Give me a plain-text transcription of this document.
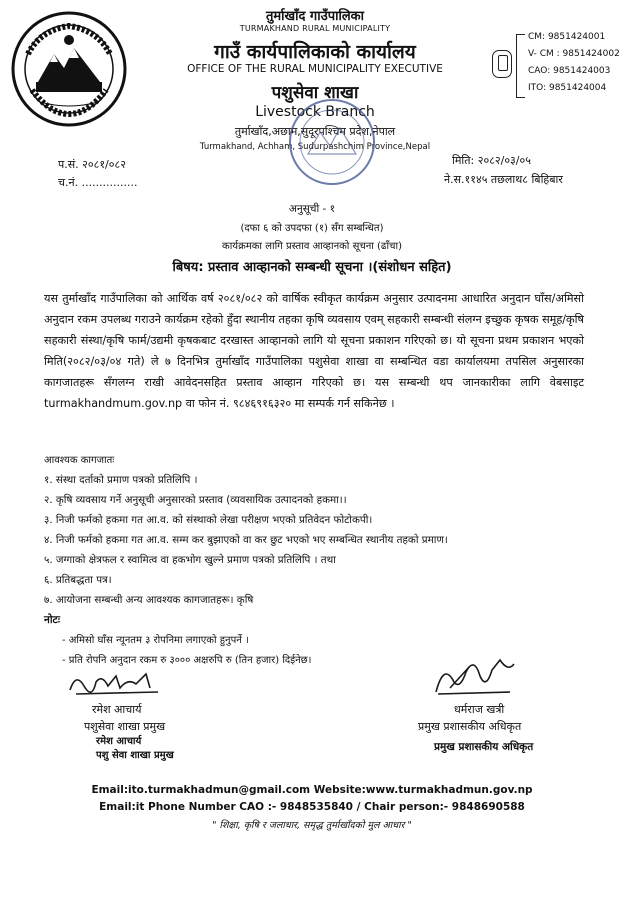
तुर्माखाँद गाउँपालिका
TURMAKHAND RURAL MUNICIPALITY
गाउँ कार्यपालिकाको कार्यालय
OFFICE OF THE RURAL MUNICIPALITY EXECUTIVE
पशुसेवा शाखा
Livestock Branch
तुर्माखाँद,अछाम,सुदूरपश्चिम प्रदेश,नेपाल
Turmakhand, Achham, Sudurpashchim Province,Nepal
CM: 9851424001
V- CM : 9851424002
CAO: 9851424003
ITO: 9851424004
प.सं. २०८१/०८२
च.नं. ................
मिति: २०८२/०३/०५
ने.स.११४५ तछलाथ८ बिहिबार
अनुसूची - १
(दफा ६ को उपदफा (१) सँग सम्बन्धित)
कार्यक्रमका लागि प्रस्ताव आव्हानको सूचना (ढाँचा)
बिषय: प्रस्ताव आव्हानको सम्बन्धी सूचना ।(संशोधन सहित)
यस तुर्माखाँद गाउँपालिका को आर्थिक वर्ष २०८१/०८२ को वार्षिक स्वीकृत कार्यक्रम अनुसार उत्पादनमा आधारित अनुदान घाँस/अमिसो अनुदान रकम उपलब्ध गराउने कार्यक्रम रहेको हुँदा स्थानीय तहका कृषि व्यवसाय एवम् सहकारी सम्बन्धी संलग्न इच्छुक कृषक समूह/कृषि सहकारी संस्था/कृषि फार्म/उद्यमी कृषकबाट दरखास्त आव्हानको लागि यो सूचना प्रकाशन गरिएको छ। यो सूचना प्रथम प्रकाशन भएको मिति(२०८२/०३/०४ गते) ले ७ दिनभित्र तुर्माखाँद गाउँपालिका पशुसेवा शाखा वा सम्बन्धित वडा कार्यालयमा तपसिल अनुसारका कागजातहरू सँगलग्न राखी आवेदनसहित प्रस्ताव आव्हान गरिएको छ। यस सम्बन्धी थप जानकारीका लागि वेबसाइट turmakhandmum.gov.np वा फोन नं. ९८४६९१६३२० मा सम्पर्क गर्न सकिनेछ ।
आवश्यक कागजातः
१. संस्था दर्ताको प्रमाण पत्रको प्रतिलिपि ।
२. कृषि व्यवसाय गर्ने अनुसूची अनुसारको प्रस्ताव (व्यवसायिक उत्पादनको हकमा।।
३. निजी फर्मको हकमा गत आ.व. को संस्थाको लेखा परीक्षण भएको प्रतिवेदन फोटोकपी।
४. निजी फर्मको हकमा गत आ.व. सम्म कर बुझाएको वा कर छुट भएको भए सम्बन्धित स्थानीय तहको प्रमाण।
५. जग्गाको क्षेत्रफल र स्वामित्व वा हकभोग खुल्ने प्रमाण पत्रको प्रतिलिपि । तथा
६. प्रतिबद्धता पत्र।
७. आयोजना सम्बन्धी अन्य आवश्यक कागजातहरू। कृषि
नोटः
- अमिसो घाँस न्यूनतम ३ रोपनिमा लगाएको हुनुपर्ने ।
- प्रति रोपनि अनुदान रकम रु ३००० अक्षरुपि रु (तिन हजार) दिईनेछ।
रमेश आचार्य
पशुसेवा शाखा प्रमुख
रमेश आचार्य
पशु सेवा शाखा प्रमुख
धर्मराज खत्री
प्रमुख प्रशासकीय अधिकृत
प्रमुख प्रशासकीय अधिकृत
Email:ito.turmakhadmun@gmail.com Website:www.turmakhadmun.gov.np
Email:it Phone Number CAO :- 9848535840 / Chair person:- 9848690588
" शिक्षा, कृषि र जलाधार, समृद्ध तुर्माखाँदको मुल आधार "
